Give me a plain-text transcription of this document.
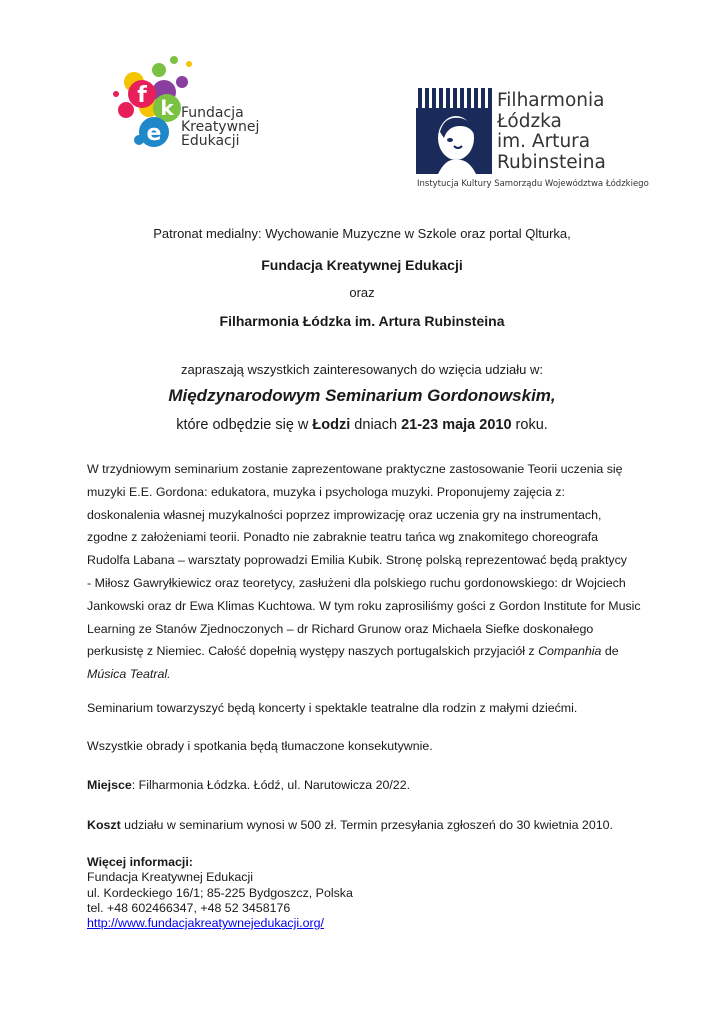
f k
e
Fundacja
Kreatywnej
Edukacji
Filharmonia
Łódzka
im. Artura
Rubinsteina
Instytucja Kultury Samorządu Województwa Łódzkiego
Patronat medialny: Wychowanie Muzyczne w Szkole oraz portal Qlturka,
Fundacja Kreatywnej Edukacji
oraz
Filharmonia Łódzka im. Artura Rubinsteina
zapraszają wszystkich zainteresowanych do wzięcia udziału w:
Międzynarodowym Seminarium Gordonowskim,
które odbędzie się w Łodzi dniach 21-23 maja 2010 roku.
W trzydniowym seminarium zostanie zaprezentowane praktyczne zastosowanie Teorii uczenia się
muzyki E.E. Gordona: edukatora, muzyka i psychologa muzyki. Proponujemy zajęcia z:
doskonalenia własnej muzykalności poprzez improwizację oraz uczenia gry na instrumentach,
zgodne z założeniami teorii. Ponadto nie zabraknie teatru tańca wg znakomitego choreografa
Rudolfa Labana – warsztaty poprowadzi Emilia Kubik. Stronę polską reprezentować będą praktycy
- Miłosz Gawryłkiewicz oraz teoretycy, zasłużeni dla polskiego ruchu gordonowskiego: dr Wojciech
Jankowski oraz dr Ewa Klimas Kuchtowa. W tym roku zaprosiliśmy gości z Gordon Institute for Music
Learning ze Stanów Zjednoczonych – dr Richard Grunow oraz Michaela Siefke doskonałego
perkusistę z Niemiec. Całość dopełnią występy naszych portugalskich przyjaciół z Companhia de
Música Teatral.
Seminarium towarzyszyć będą koncerty i spektakle teatralne dla rodzin z małymi dziećmi.
Wszystkie obrady i spotkania będą tłumaczone konsekutywnie.
Miejsce: Filharmonia Łódzka. Łódź, ul. Narutowicza 20/22.
Koszt udziału w seminarium wynosi w 500 zł. Termin przesyłania zgłoszeń do 30 kwietnia 2010.
Więcej informacji:
Fundacja Kreatywnej Edukacji
ul. Kordeckiego 16/1; 85-225 Bydgoszcz, Polska
tel. +48 602466347, +48 52 3458176
http://www.fundacjakreatywnejedukacji.org/
